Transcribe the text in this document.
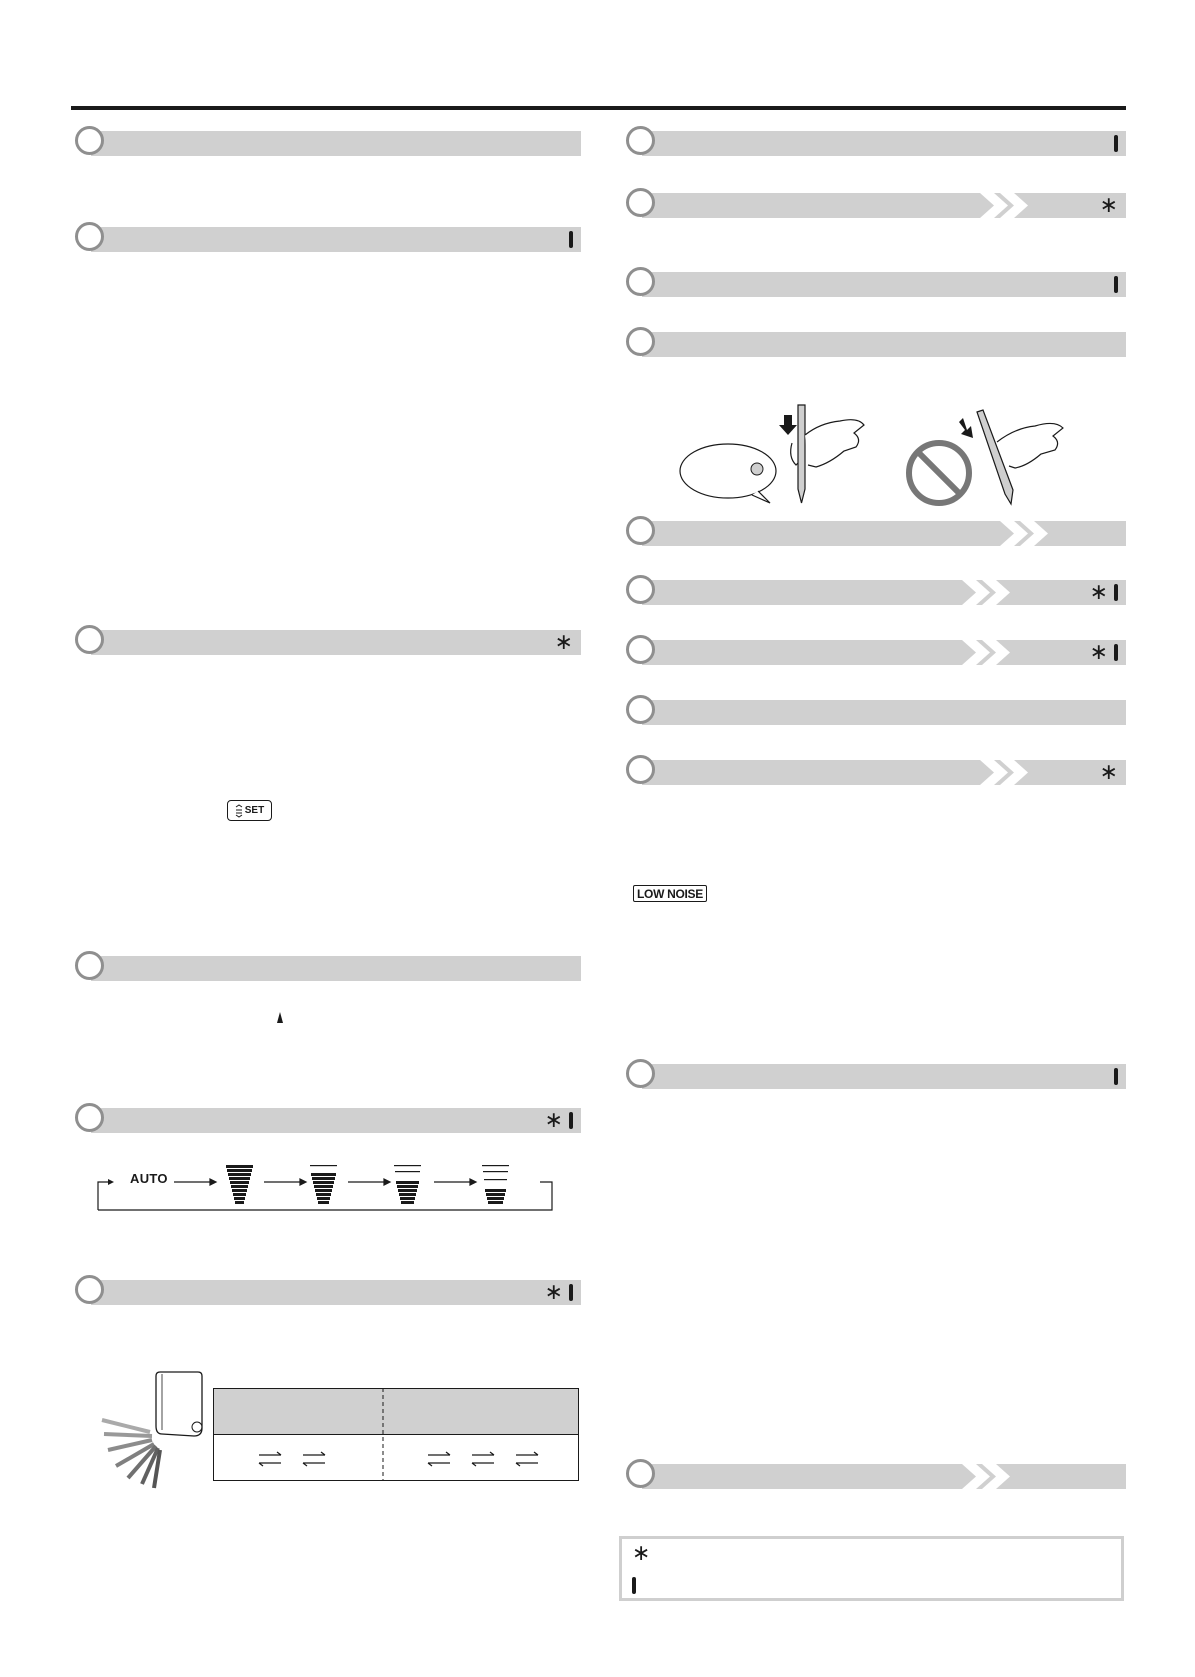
∗
SET
∗
AUTO
∗
∗
∗
∗
∗
LOW NOISE
∗
